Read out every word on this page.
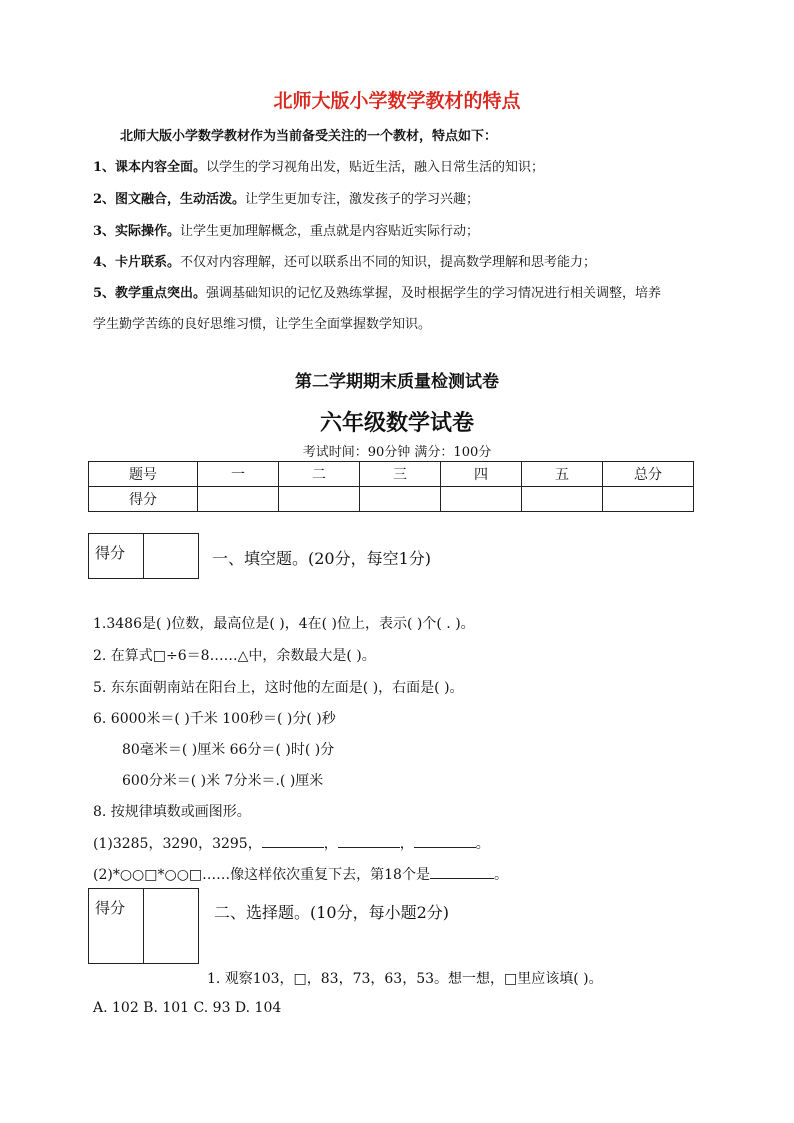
北师大版小学数学教材的特点
北师大版小学数学教材作为当前备受关注的一个教材，特点如下：
1、课本内容全面。以学生的学习视角出发，贴近生活，融入日常生活的知识；
2、图文融合，生动活泼。让学生更加专注，激发孩子的学习兴趣；
3、实际操作。让学生更加理解概念，重点就是内容贴近实际行动；
4、卡片联系。不仅对内容理解，还可以联系出不同的知识，提高数学理解和思考能力；
5、教学重点突出。强调基础知识的记忆及熟练掌握，及时根据学生的学习情况进行相关调整，培养
学生勤学苦练的良好思维习惯，让学生全面掌握数学知识。
第二学期期末质量检测试卷
六年级数学试卷
考试时间：90分钟 满分：100分
题号	一	二	三	四	五	总分
得分						
得分	一、填空题。(20分，每空1分)
1.3486是( )位数，最高位是( )，4在( )位上，表示( )个( . )。
2. 在算式□÷6＝8……△中，余数最大是( )。
5. 东东面朝南站在阳台上，这时他的左面是( )，右面是( )。
6. 6000米＝( )千米 100秒＝( )分( )秒
80毫米＝( )厘米 66分＝( )时( )分
600分米＝( )米 7分米＝.( )厘米
8. 按规律填数或画图形。
(1)3285，3290，3295，	，	，	。
(2)*○○□*○○□……像这样依次重复下去，第18个是	。
得分	二、选择题。(10分，每小题2分)
1. 观察103，□，83，73，63，53。想一想，□里应该填( )。
A. 102 B. 101 C. 93 D. 104
